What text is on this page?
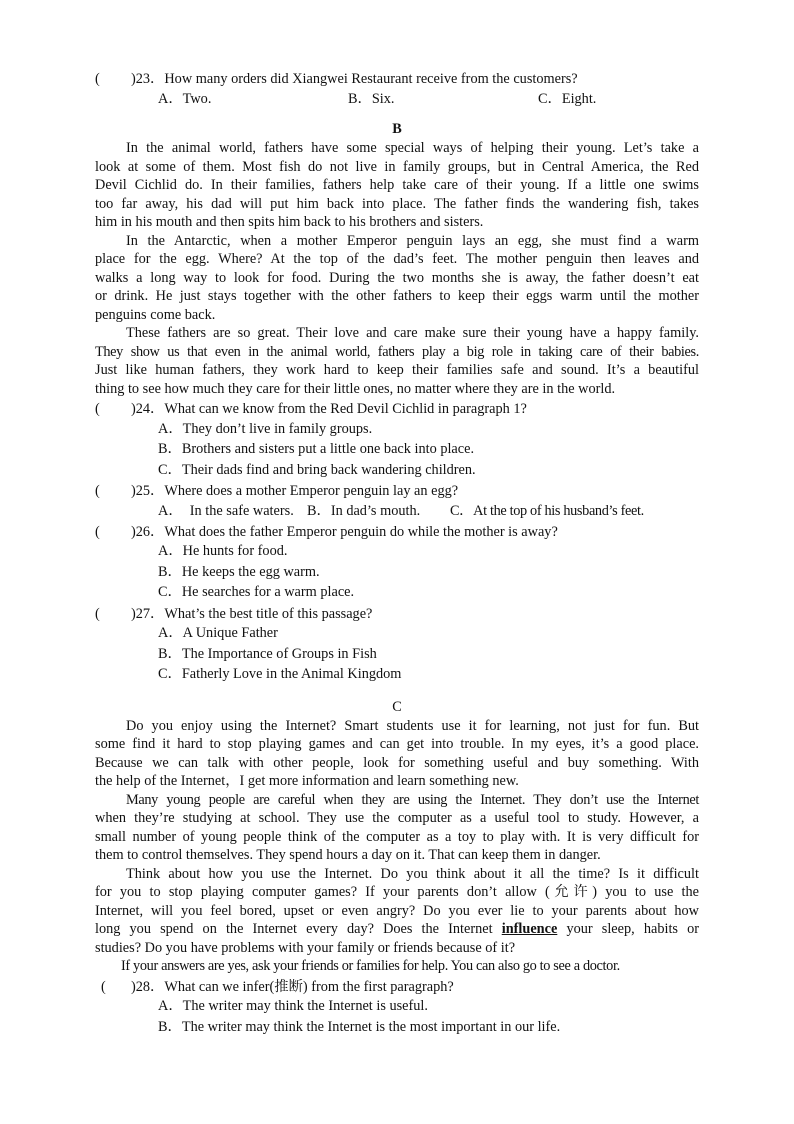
( )23．How many orders did Xiangwei Restaurant receive from the customers?
A．Two.	B．Six.	C．Eight.
B
In the animal world, fathers have some special ways of helping their young. Let’s take a
look at some of them. Most fish do not live in family groups, but in Central America, the Red
Devil Cichlid do. In their families, fathers help take care of their young. If a little one swims
too far away, his dad will put him back into place. The father finds the wandering fish, takes
him in his mouth and then spits him back to his brothers and sisters.
In the Antarctic, when a mother Emperor penguin lays an egg, she must find a warm
place for the egg. Where? At the top of the dad’s feet. The mother penguin then leaves and
walks a long way to look for food. During the two months she is away, the father doesn’t eat
or drink. He just stays together with the other fathers to keep their eggs warm until the mother
penguins come back.
These fathers are so great. Their love and care make sure their young have a happy family.
They show us that even in the animal world, fathers play a big role in taking care of their babies.
Just like human fathers, they work hard to keep their families safe and sound. It’s a beautiful
thing to see how much they care for their little ones, no matter where they are in the world.
( )24．What can we know from the Red Devil Cichlid in paragraph 1?
A．They don’t live in family groups.
B．Brothers and sisters put a little one back into place.
C．Their dads find and bring back wandering children.
( )25．Where does a mother Emperor penguin lay an egg?
A．  In the safe waters. B．In dad’s mouth. C．At the top of his husband’s feet.
( )26．What does the father Emperor penguin do while the mother is away?
A．He hunts for food.
B．He keeps the egg warm.
C．He searches for a warm place.
( )27．What’s the best title of this passage?
A．A Unique Father
B．The Importance of Groups in Fish
C．Fatherly Love in the Animal Kingdom
C
Do you enjoy using the Internet? Smart students use it for learning, not just for fun. But
some find it hard to stop playing games and can get into trouble. In my eyes, it’s a good place.
Because we can talk with other people, look for something useful and buy something. With
the help of the Internet，I get more information and learn something new.
Many young people are careful when they are using the Internet. They don’t use the Internet
when they’re studying at school. They use the computer as a useful tool to study. However, a
small number of young people think of the computer as a toy to play with. It is very difficult for
them to control themselves. They spend hours a day on it. That can keep them in danger.
Think about how you use the Internet. Do you think about it all the time? Is it difficult
for you to stop playing computer games? If your parents don’t allow (允许) you to use the
Internet, will you feel bored, upset or even angry? Do you ever lie to your parents about how
long you spend on the Internet every day? Does the Internet influence your sleep, habits or
studies? Do you have problems with your family or friends because of it?
If your answers are yes, ask your friends or families for help. You can also go to see a doctor.
( )28．What can we infer(推断) from the first paragraph?
A．The writer may think the Internet is useful.
B．The writer may think the Internet is the most important in our life.
